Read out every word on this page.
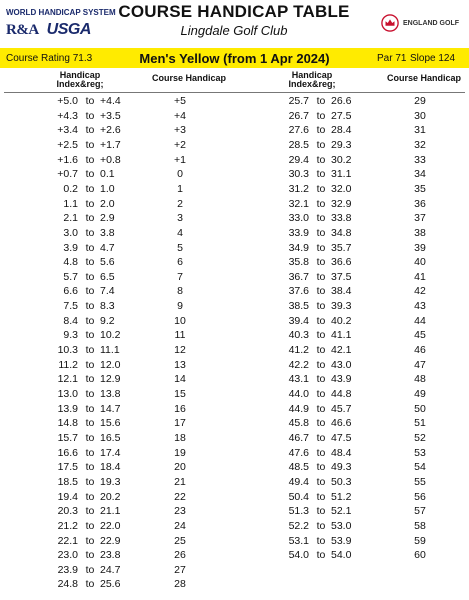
WORLD HANDICAP SYSTEM
R&A USGA
COURSE HANDICAP TABLE
Lingdale Golf Club	ENGLAND GOLF
Course Rating 71.3	Men's Yellow (from 1 Apr 2024)	Par 71 Slope 124
Handicap
Index&reg;
Course Handicap	Handicap
Index&reg;
Course Handicap
+5.0 to +4.4	+5
+4.3 to +3.5	+4
+3.4 to +2.6	+3
+2.5 to +1.7	+2
+1.6 to +0.8	+1
+0.7 to 0.1	0
0.2 to 1.0	1
1.1 to 2.0	2
2.1 to 2.9	3
3.0 to 3.8	4
3.9 to 4.7	5
4.8 to 5.6	6
5.7 to 6.5	7
6.6 to 7.4	8
7.5 to 8.3	9
8.4 to 9.2	10
9.3 to 10.2	11
10.3 to 11.1	12
11.2 to 12.0	13
12.1 to 12.9	14
13.0 to 13.8	15
13.9 to 14.7	16
14.8 to 15.6	17
15.7 to 16.5	18
16.6 to 17.4	19
17.5 to 18.4	20
18.5 to 19.3	21
19.4 to 20.2	22
20.3 to 21.1	23
21.2 to 22.0	24
22.1 to 22.9	25
23.0 to 23.8	26
23.9 to 24.7	27
24.8 to 25.6	28
25.7 to 26.6	29
26.7 to 27.5	30
27.6 to 28.4	31
28.5 to 29.3	32
29.4 to 30.2	33
30.3 to 31.1	34
31.2 to 32.0	35
32.1 to 32.9	36
33.0 to 33.8	37
33.9 to 34.8	38
34.9 to 35.7	39
35.8 to 36.6	40
36.7 to 37.5	41
37.6 to 38.4	42
38.5 to 39.3	43
39.4 to 40.2	44
40.3 to 41.1	45
41.2 to 42.1	46
42.2 to 43.0	47
43.1 to 43.9	48
44.0 to 44.8	49
44.9 to 45.7	50
45.8 to 46.6	51
46.7 to 47.5	52
47.6 to 48.4	53
48.5 to 49.3	54
49.4 to 50.3	55
50.4 to 51.2	56
51.3 to 52.1	57
52.2 to 53.0	58
53.1 to 53.9	59
54.0 to 54.0	60
